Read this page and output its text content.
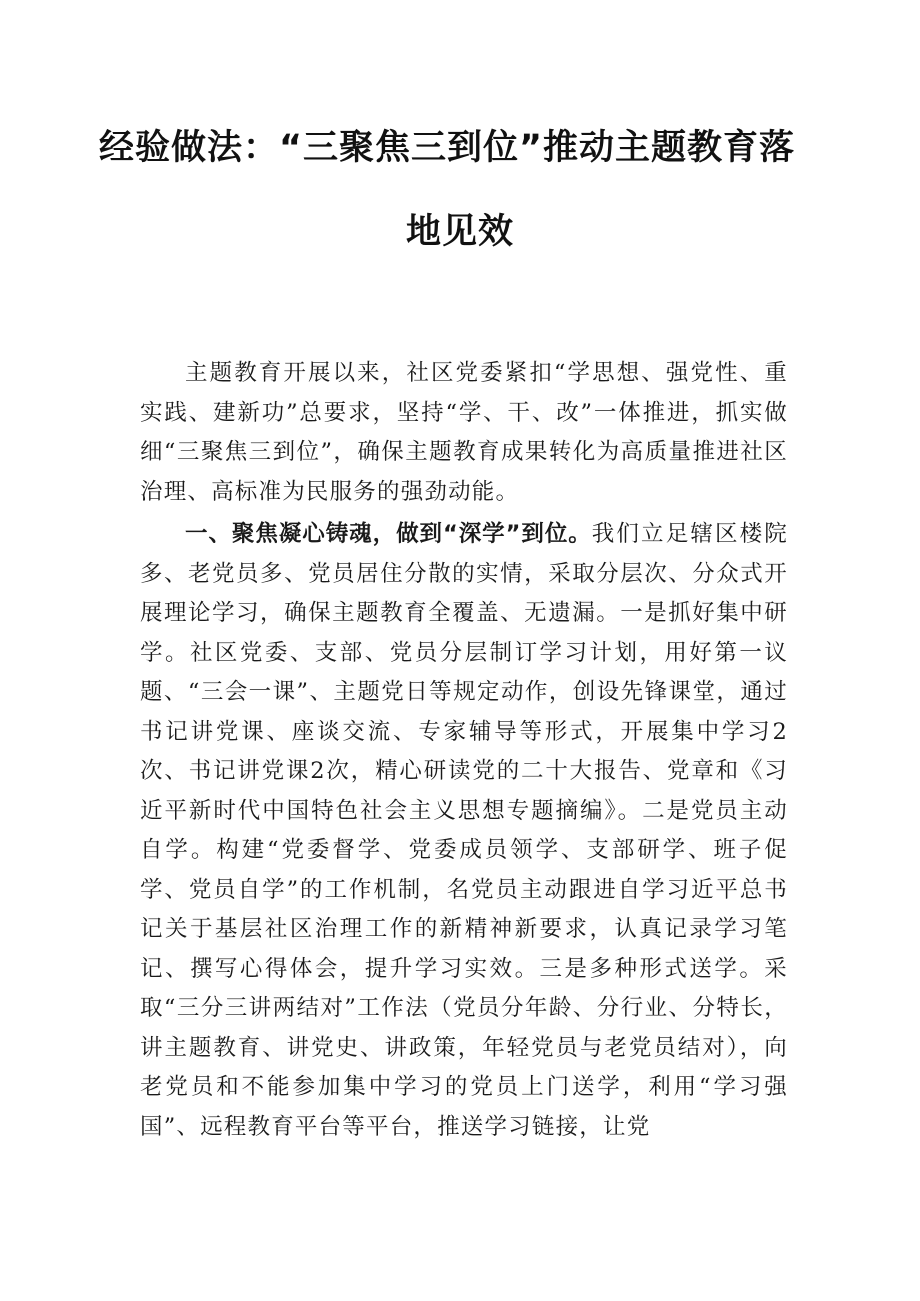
经验做法：“三聚焦三到位”推动主题教育落
地见效

主题教育开展以来，社区党委紧扣“学思想、强党性、重实践、建新功”总要求，坚持“学、干、改”一体推进，抓实做细“三聚焦三到位”，确保主题教育成果转化为高质量推进社区治理、高标准为民服务的强劲动能。

一、聚焦凝心铸魂，做到“深学”到位。我们立足辖区楼院多、老党员多、党员居住分散的实情，采取分层次、分众式开展理论学习，确保主题教育全覆盖、无遗漏。一是抓好集中研学。社区党委、支部、党员分层制订学习计划，用好第一议题、“三会一课”、主题党日等规定动作，创设先锋课堂，通过书记讲党课、座谈交流、专家辅导等形式，开展集中学习2次、书记讲党课2次，精心研读党的二十大报告、党章和《习近平新时代中国特色社会主义思想专题摘编》。二是党员主动自学。构建“党委督学、党委成员领学、支部研学、班子促学、党员自学”的工作机制，名党员主动跟进自学习近平总书记关于基层社区治理工作的新精神新要求，认真记录学习笔记、撰写心得体会，提升学习实效。三是多种形式送学。采取“三分三讲两结对”工作法（党员分年龄、分行业、分特长，讲主题教育、讲党史、讲政策，年轻党员与老党员结对），向老党员和不能参加集中学习的党员上门送学，利用“学习强国”、远程教育平台等平台，推送学习链接，让党
